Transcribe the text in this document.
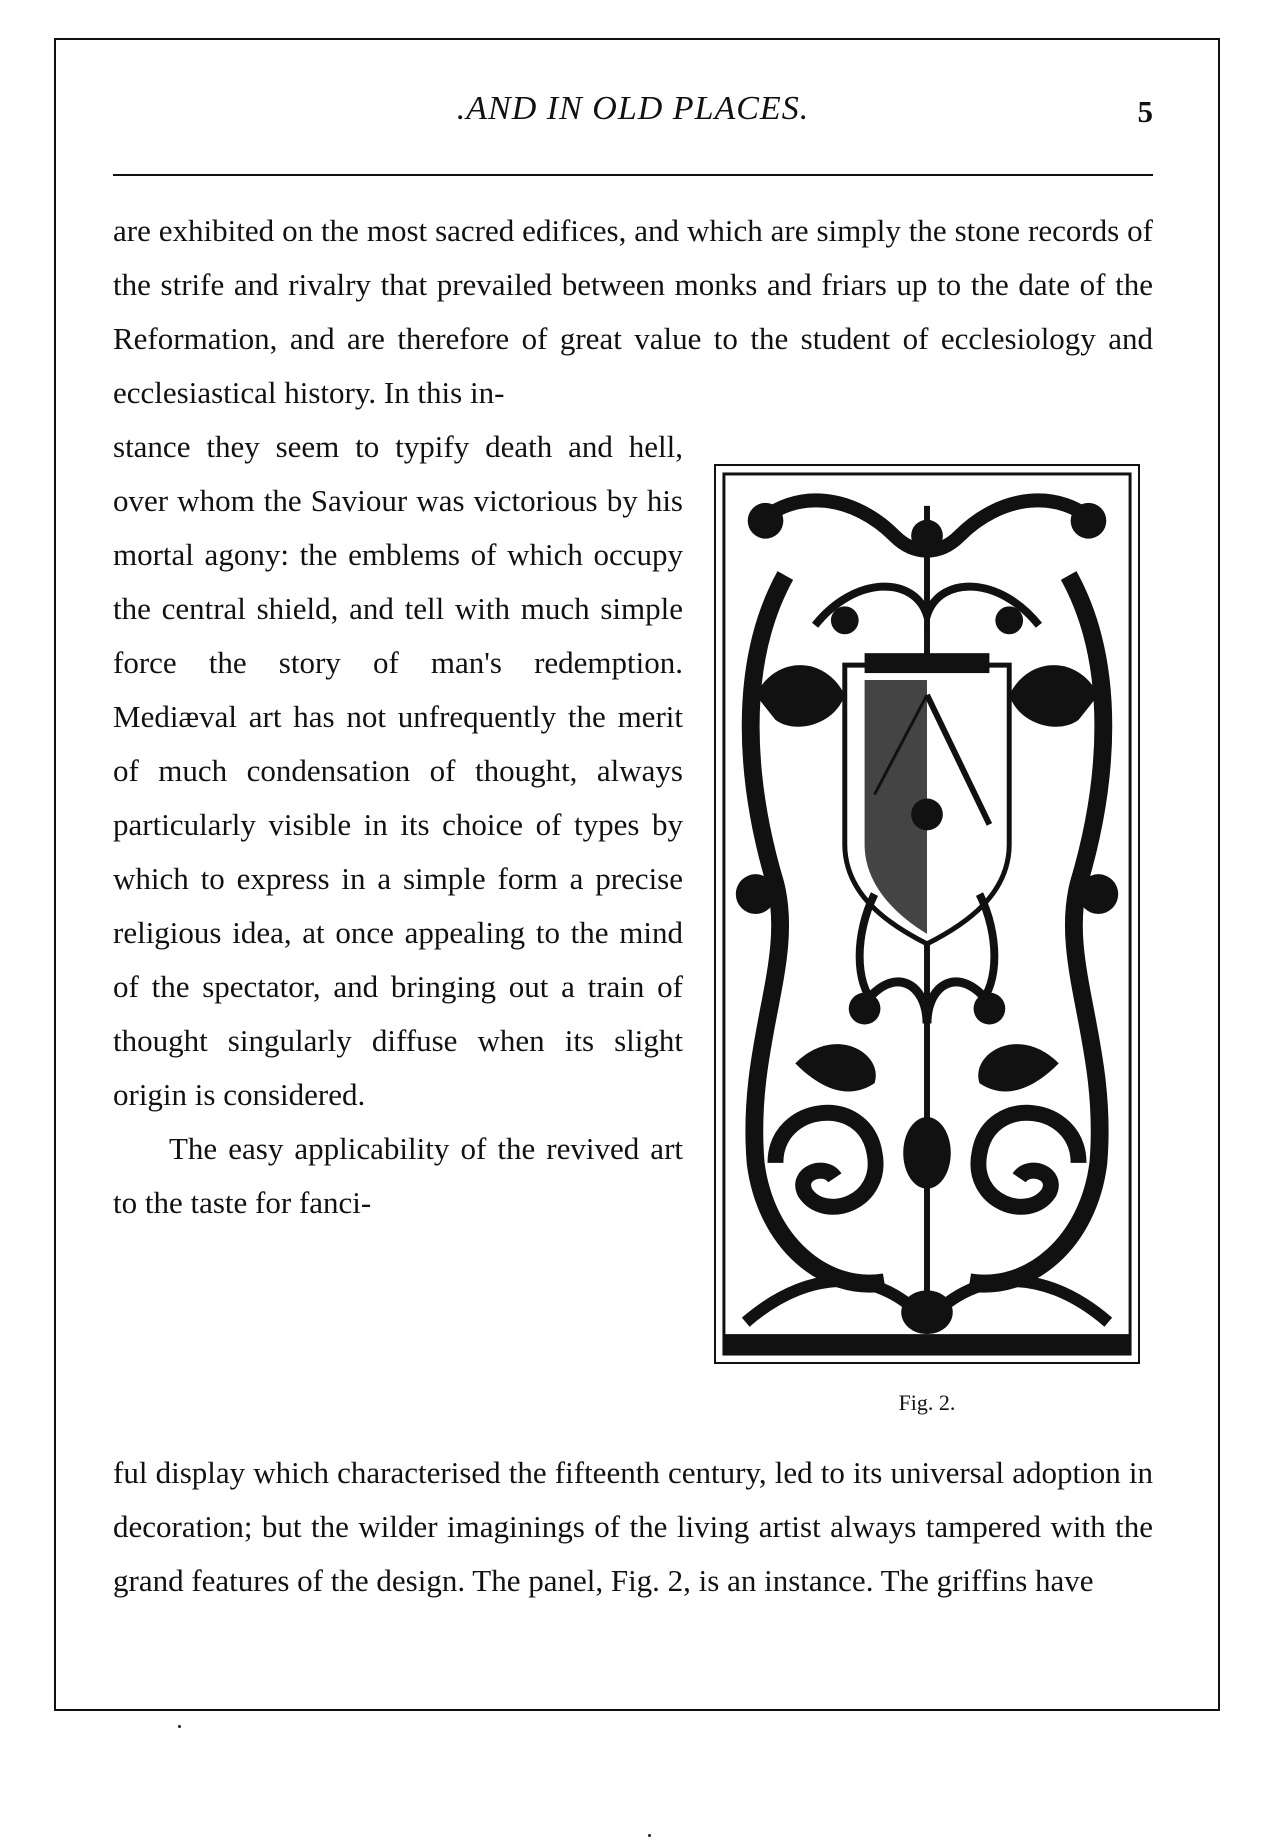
.AND IN OLD PLACES.	5

are exhibited on the most sacred edifices, and which are simply the stone records of the strife and rivalry that prevailed between monks and friars up to the date of the Reformation, and are therefore of great value to the student of ecclesiology and ecclesiastical history. In this in-

stance they seem to typify death and hell, over whom the Saviour was victorious by his mortal agony: the emblems of which occupy the central shield, and tell with much simple force the story of man's redemption. Mediæval art has not unfrequently the merit of much condensation of thought, always particularly visible in its choice of types by which to express in a simple form a precise religious idea, at once appealing to the mind of the spectator, and bringing out a train of thought singularly diffuse when its slight origin is considered.

The easy applicability of the revived art to the taste for fanci-

ful display which characterised the fifteenth century, led to its universal adoption in decoration; but the wilder imaginings of the living artist always tampered with the grand features of the design. The panel, Fig. 2, is an instance. The griffins have

Fig. 2.
